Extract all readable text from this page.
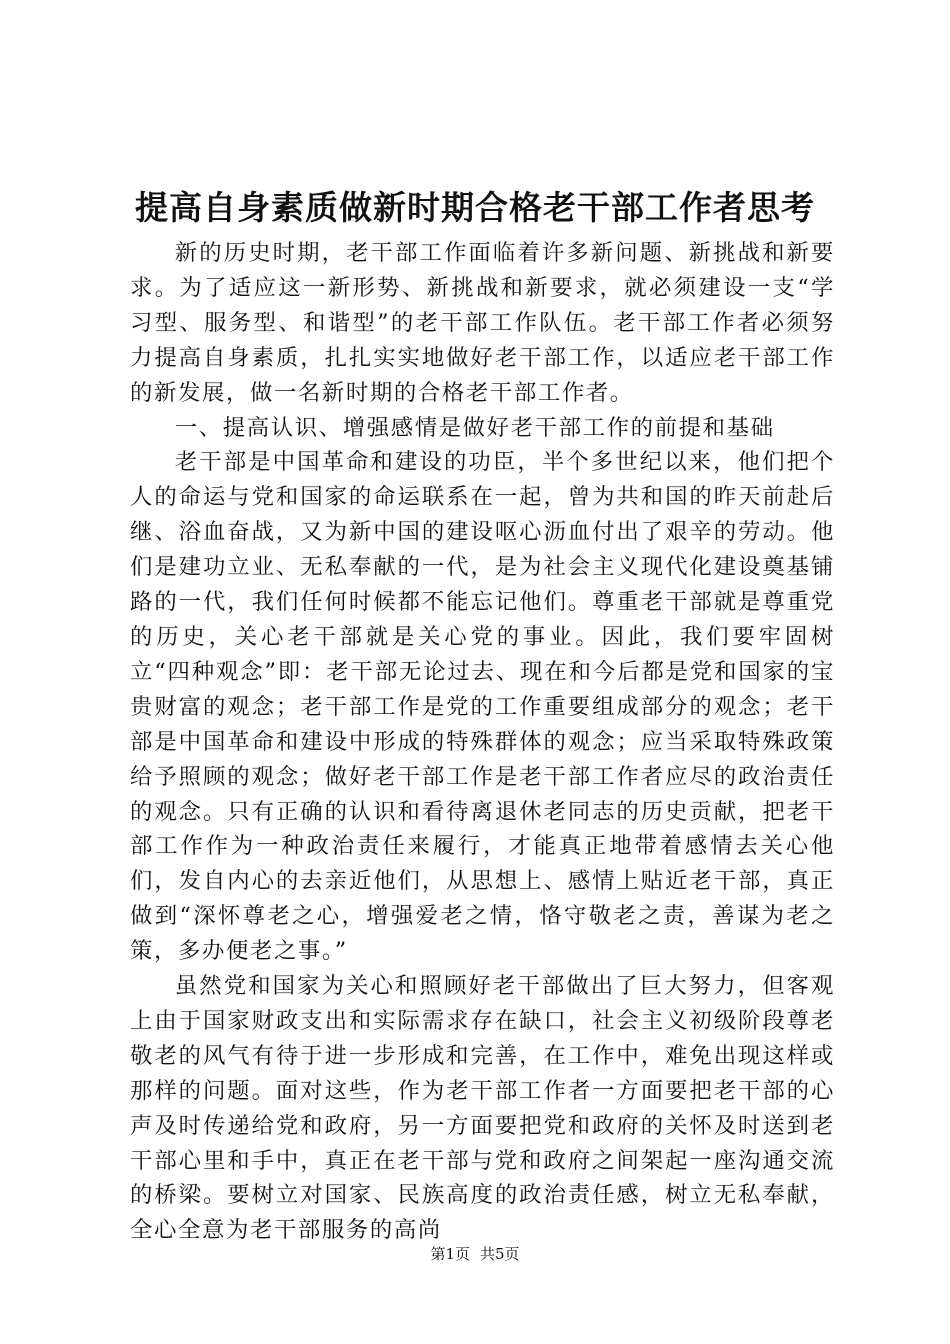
提高自身素质做新时期合格老干部工作者思考

新的历史时期，老干部工作面临着许多新问题、新挑战和新要求。为了适应这一新形势、新挑战和新要求，就必须建设一支“学习型、服务型、和谐型”的老干部工作队伍。老干部工作者必须努力提高自身素质，扎扎实实地做好老干部工作，以适应老干部工作的新发展，做一名新时期的合格老干部工作者。

一、提高认识、增强感情是做好老干部工作的前提和基础

老干部是中国革命和建设的功臣，半个多世纪以来，他们把个人的命运与党和国家的命运联系在一起，曾为共和国的昨天前赴后继、浴血奋战，又为新中国的建设呕心沥血付出了艰辛的劳动。他们是建功立业、无私奉献的一代，是为社会主义现代化建设奠基铺路的一代，我们任何时候都不能忘记他们。尊重老干部就是尊重党的历史，关心老干部就是关心党的事业。因此，我们要牢固树立“四种观念”即：老干部无论过去、现在和今后都是党和国家的宝贵财富的观念；老干部工作是党的工作重要组成部分的观念；老干部是中国革命和建设中形成的特殊群体的观念；应当采取特殊政策给予照顾的观念；做好老干部工作是老干部工作者应尽的政治责任的观念。只有正确的认识和看待离退休老同志的历史贡献，把老干部工作作为一种政治责任来履行，才能真正地带着感情去关心他们，发自内心的去亲近他们，从思想上、感情上贴近老干部，真正做到“深怀尊老之心，增强爱老之情，恪守敬老之责，善谋为老之策，多办便老之事。”

虽然党和国家为关心和照顾好老干部做出了巨大努力，但客观上由于国家财政支出和实际需求存在缺口，社会主义初级阶段尊老敬老的风气有待于进一步形成和完善，在工作中，难免出现这样或那样的问题。面对这些，作为老干部工作者一方面要把老干部的心声及时传递给党和政府，另一方面要把党和政府的关怀及时送到老干部心里和手中，真正在老干部与党和政府之间架起一座沟通交流的桥梁。要树立对国家、民族高度的政治责任感，树立无私奉献，全心全意为老干部服务的高尚

第1页 共5页
